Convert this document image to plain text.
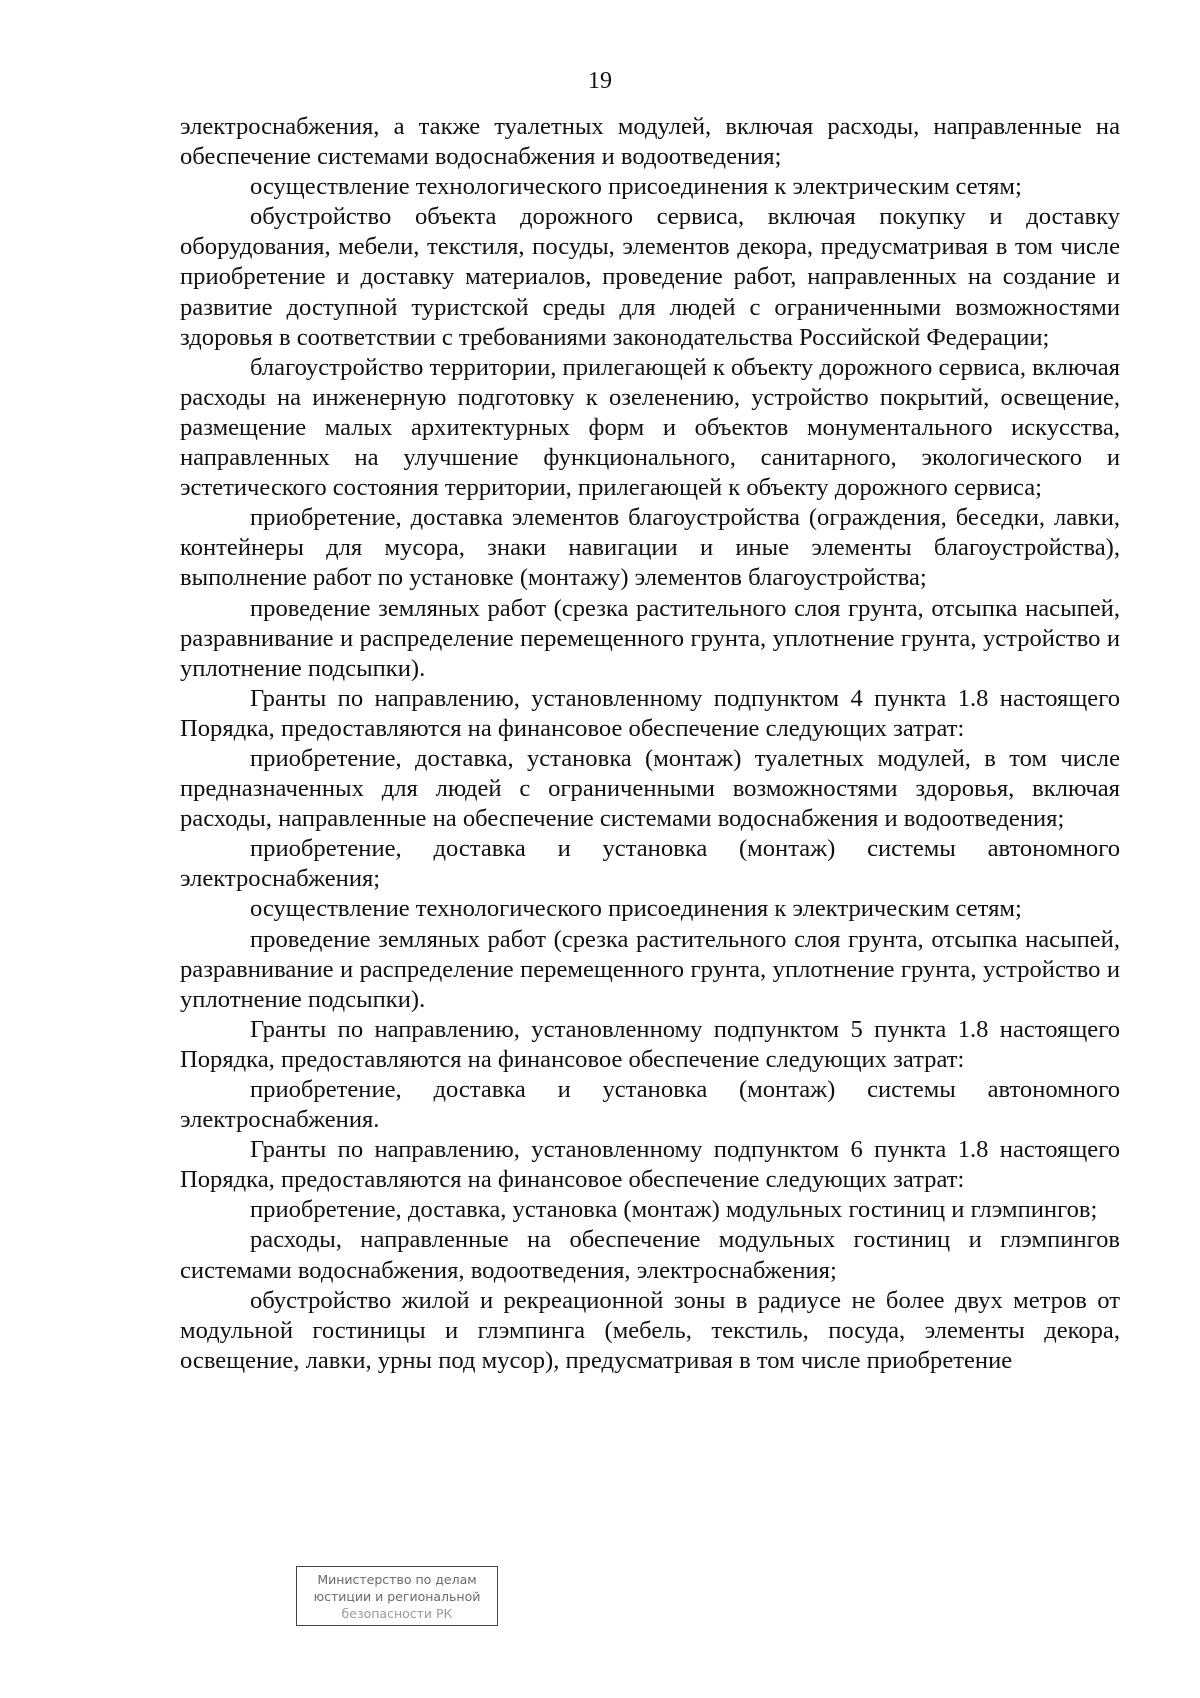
19

электроснабжения, а также туалетных модулей, включая расходы, направленные на обеспечение системами водоснабжения и водоотведения;

осуществление технологического присоединения к электрическим сетям;

обустройство объекта дорожного сервиса, включая покупку и доставку оборудования, мебели, текстиля, посуды, элементов декора, предусматривая в том числе приобретение и доставку материалов, проведение работ, направленных на создание и развитие доступной туристской среды для людей с ограниченными возможностями здоровья в соответствии с требованиями законодательства Российской Федерации;

благоустройство территории, прилегающей к объекту дорожного сервиса, включая расходы на инженерную подготовку к озеленению, устройство покрытий, освещение, размещение малых архитектурных форм и объектов монументального искусства, направленных на улучшение функционального, санитарного, экологического и эстетического состояния территории, прилегающей к объекту дорожного сервиса;

приобретение, доставка элементов благоустройства (ограждения, беседки, лавки, контейнеры для мусора, знаки навигации и иные элементы благоустройства), выполнение работ по установке (монтажу) элементов благоустройства;

проведение земляных работ (срезка растительного слоя грунта, отсыпка насыпей, разравнивание и распределение перемещенного грунта, уплотнение грунта, устройство и уплотнение подсыпки).

Гранты по направлению, установленному подпунктом 4 пункта 1.8 настоящего Порядка, предоставляются на финансовое обеспечение следующих затрат:

приобретение, доставка, установка (монтаж) туалетных модулей, в том числе предназначенных для людей с ограниченными возможностями здоровья, включая расходы, направленные на обеспечение системами водоснабжения и водоотведения;

приобретение, доставка и установка (монтаж) системы автономного электроснабжения;

осуществление технологического присоединения к электрическим сетям;

проведение земляных работ (срезка растительного слоя грунта, отсыпка насыпей, разравнивание и распределение перемещенного грунта, уплотнение грунта, устройство и уплотнение подсыпки).

Гранты по направлению, установленному подпунктом 5 пункта 1.8 настоящего Порядка, предоставляются на финансовое обеспечение следующих затрат:

приобретение, доставка и установка (монтаж) системы автономного электроснабжения.

Гранты по направлению, установленному подпунктом 6 пункта 1.8 настоящего Порядка, предоставляются на финансовое обеспечение следующих затрат:

приобретение, доставка, установка (монтаж) модульных гостиниц и глэмпингов;

расходы, направленные на обеспечение модульных гостиниц и глэмпингов системами водоснабжения, водоотведения, электроснабжения;

обустройство жилой и рекреационной зоны в радиусе не более двух метров от модульной гостиницы и глэмпинга (мебель, текстиль, посуда, элементы декора, освещение, лавки, урны под мусор), предусматривая в том числе приобретение

Министерство по делам
юстиции и региональной
безопасности РК
